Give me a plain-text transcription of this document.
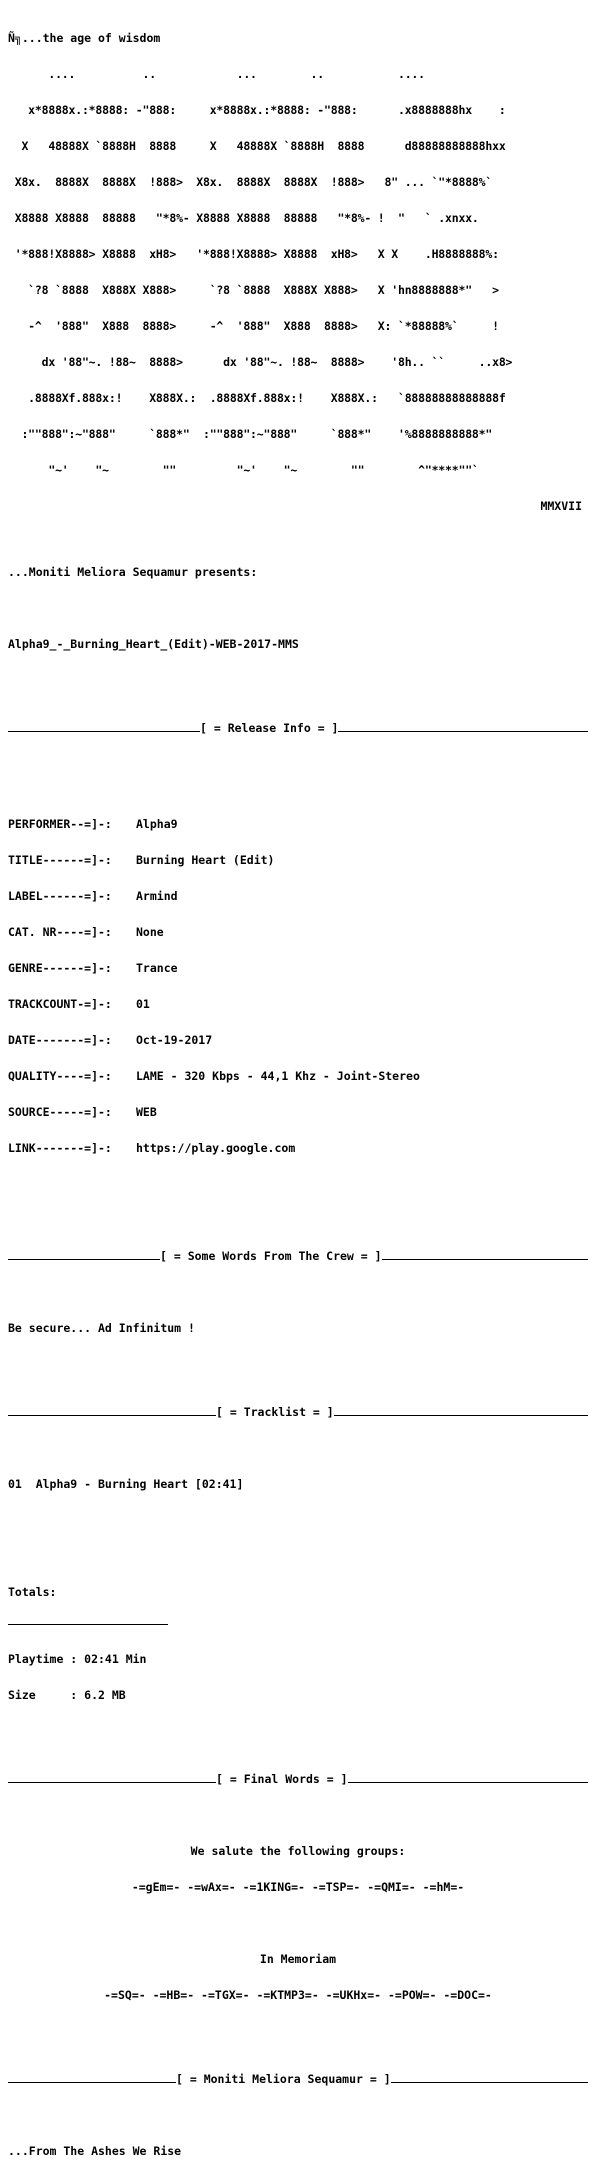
Ñ╗...the age of wisdom

....          ..            ...        ..           ....

x*8888x.:*8888: -"888:     x*8888x.:*8888: -"888:      .x8888888hx    :

X   48888X `8888H  8888     X   48888X `8888H  8888      d88888888888hxx

X8x.  8888X  8888X  !888>  X8x.  8888X  8888X  !888>   8" ... `"*8888%`

X8888 X8888  88888   "*8%- X8888 X8888  88888   "*8%- !  "   ` .xnxx.

'*888!X8888> X8888  xH8>   '*888!X8888> X8888  xH8>   X X    .H8888888%:

`?8 `8888  X888X X888>     `?8 `8888  X888X X888>   X 'hn8888888*"   >

-^  '888"  X888  8888>     -^  '888"  X888  8888>   X: `*88888%`     !

dx '88"~. !88~  8888>      dx '88"~. !88~  8888>    '8h.. ``     ..x8>

.8888Xf.888x:!    X888X.:  .8888Xf.888x:!    X888X.:   `88888888888888f

:""888":~"888"     `888*"  :""888":~"888"     `888*"    '%8888888888*"

"~'    "~        ""         "~'    "~        ""        ^"****""`

MMXVII

...Moniti Meliora Sequamur presents:

Alpha9_-_Burning_Heart_(Edit)-WEB-2017-MMS

[ = Release Info = ]

PERFORMER--=]-:	Alpha9

TITLE------=]-:	Burning Heart (Edit)

LABEL------=]-:	Armind

CAT. NR----=]-:	None

GENRE------=]-:	Trance

TRACKCOUNT-=]-:	01

DATE-------=]-:	Oct-19-2017

QUALITY----=]-:	LAME - 320 Kbps - 44,1 Khz - Joint-Stereo

SOURCE-----=]-:	WEB

LINK-------=]-:	https://play.google.com

[ = Some Words From The Crew = ]

Be secure... Ad Infinitum !

[ = Tracklist = ]

01  Alpha9 - Burning Heart [02:41]

Totals:

Playtime : 02:41 Min

Size     : 6.2 MB

[ = Final Words = ]

We salute the following groups:

-=gEm=- -=wAx=- -=1KING=- -=TSP=- -=QMI=- -=hM=-

In Memoriam

-=SQ=- -=HB=- -=TGX=- -=KTMP3=- -=UKHx=- -=POW=- -=DOC=-

[ = Moniti Meliora Sequamur = ]

...From The Ashes We Rise
